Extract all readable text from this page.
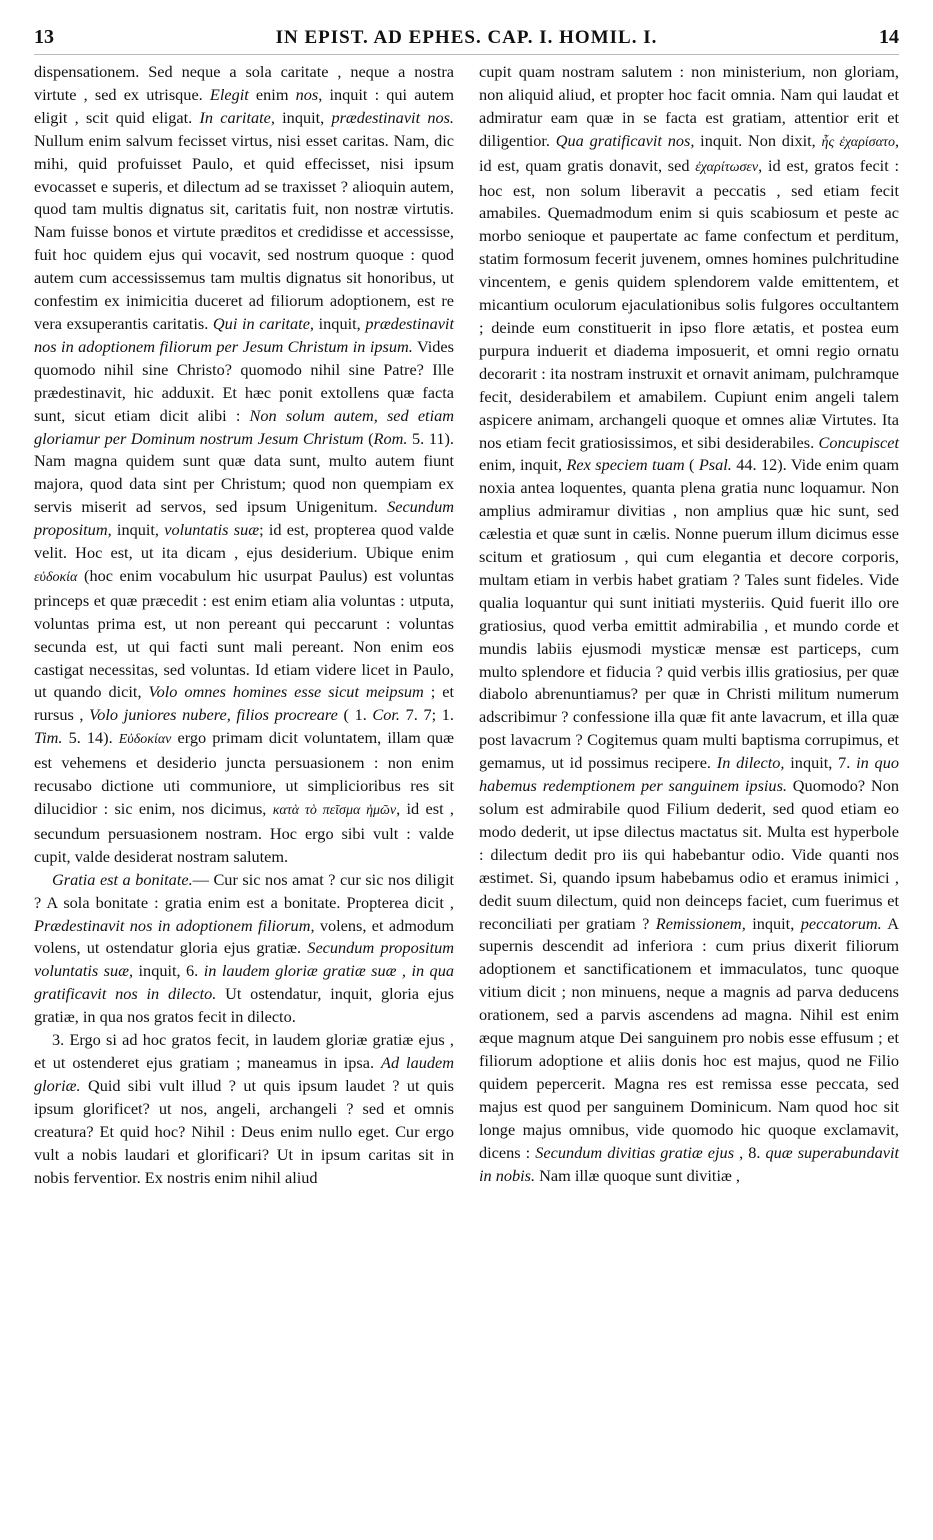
13	IN EPIST. AD EPHES. CAP. I. HOMIL. I.	14

dispensationem. Sed neque a sola caritate , neque a nostra virtute , sed ex utrisque. Elegit enim nos, inquit : qui autem eligit , scit quid eligat. In caritate, inquit, prædestinavit nos. Nullum enim salvum fecisset virtus, nisi esset caritas. Nam, dic mihi, quid profuisset Paulo, et quid effecisset, nisi ipsum evocasset e superis, et dilectum ad se traxisset ? alioquin autem, quod tam multis dignatus sit, caritatis fuit, non nostræ virtutis. Nam fuisse bonos et virtute præditos et credidisse et accessisse, fuit hoc quidem ejus qui vocavit, sed nostrum quoque : quod autem cum accessissemus tam multis dignatus sit honoribus, ut confestim ex inimicitia duceret ad filiorum adoptionem, est re vera exsuperantis caritatis. Qui in caritate, inquit, prædestinavit nos in adoptionem filiorum per Jesum Christum in ipsum. Vides quomodo nihil sine Christo? quomodo nihil sine Patre? Ille prædestinavit, hic adduxit. Et hæc ponit extollens quæ facta sunt, sicut etiam dicit alibi : Non solum autem, sed etiam gloriamur per Dominum nostrum Jesum Christum (Rom. 5. 11). Nam magna quidem sunt quæ data sunt, multo autem fiunt majora, quod data sint per Christum; quod non quempiam ex servis miserit ad servos, sed ipsum Unigenitum. Secundum propositum, inquit, voluntatis suæ; id est, propterea quod valde velit. Hoc est, ut ita dicam , ejus desiderium. Ubique enim εὐδοκία (hoc enim vocabulum hic usurpat Paulus) est voluntas princeps et quæ præcedit : est enim etiam alia voluntas : utputa, voluntas prima est, ut non pereant qui peccarunt : voluntas secunda est, ut qui facti sunt mali pereant. Non enim eos castigat necessitas, sed voluntas. Id etiam videre licet in Paulo, ut quando dicit, Volo omnes homines esse sicut meipsum ; et rursus , Volo juniores nubere, filios procreare ( 1. Cor. 7. 7; 1. Tim. 5. 14). Εὐδοκίαν ergo primam dicit voluntatem, illam quæ est vehemens et desiderio juncta persuasionem : non enim recusabo dictione uti communiore, ut simplicioribus res sit dilucidior : sic enim, nos dicimus, κατὰ τὸ πεῖσμα ἡμῶν, id est , secundum persuasionem nostram. Hoc ergo sibi vult : valde cupit, valde desiderat nostram salutem.

Gratia est a bonitate.— Cur sic nos amat ? cur sic nos diligit ? A sola bonitate : gratia enim est a bonitate. Propterea dicit , Prædestinavit nos in adoptionem filiorum, volens, et admodum volens, ut ostendatur gloria ejus gratiæ. Secundum propositum voluntatis suæ, inquit, 6. in laudem gloriæ gratiæ suæ , in qua gratificavit nos in dilecto. Ut ostendatur, inquit, gloria ejus gratiæ, in qua nos gratos fecit in dilecto.

3. Ergo si ad hoc gratos fecit, in laudem gloriæ gratiæ ejus , et ut ostenderet ejus gratiam ; maneamus in ipsa. Ad laudem gloriæ. Quid sibi vult illud ? ut quis ipsum laudet ? ut quis ipsum glorificet? ut nos, angeli, archangeli ? sed et omnis creatura? Et quid hoc? Nihil : Deus enim nullo eget. Cur ergo vult a nobis laudari et glorificari? Ut in ipsum caritas sit in nobis ferventior. Ex nostris enim nihil aliud

cupit quam nostram salutem : non ministerium, non gloriam, non aliquid aliud, et propter hoc facit omnia. Nam qui laudat et admiratur eam quæ in se facta est gratiam, attentior erit et diligentior. Qua gratificavit nos, inquit. Non dixit, ἧς ἐχαρίσατο, id est, quam gratis donavit, sed ἐχαρίτωσεν, id est, gratos fecit : hoc est, non solum liberavit a peccatis , sed etiam fecit amabiles. Quemadmodum enim si quis scabiosum et peste ac morbo senioque et paupertate ac fame confectum et perditum, statim formosum fecerit juvenem, omnes homines pulchritudine vincentem, e genis quidem splendorem valde emittentem, et micantium oculorum ejaculationibus solis fulgores occultantem ; deinde eum constituerit in ipso flore ætatis, et postea eum purpura induerit et diadema imposuerit, et omni regio ornatu decorarit : ita nostram instruxit et ornavit animam, pulchramque fecit, desiderabilem et amabilem. Cupiunt enim angeli talem aspicere animam, archangeli quoque et omnes aliæ Virtutes. Ita nos etiam fecit gratiosissimos, et sibi desiderabiles. Concupiscet enim, inquit, Rex speciem tuam ( Psal. 44. 12). Vide enim quam noxia antea loquentes, quanta plena gratia nunc loquamur. Non amplius admiramur divitias , non amplius quæ hic sunt, sed cælestia et quæ sunt in cælis. Nonne puerum illum dicimus esse scitum et gratiosum , qui cum elegantia et decore corporis, multam etiam in verbis habet gratiam ? Tales sunt fideles. Vide qualia loquantur qui sunt initiati mysteriis. Quid fuerit illo ore gratiosius, quod verba emittit admirabilia , et mundo corde et mundis labiis ejusmodi mysticæ mensæ est particeps, cum multo splendore et fiducia ? quid verbis illis gratiosius, per quæ diabolo abrenuntiamus? per quæ in Christi militum numerum adscribimur ? confessione illa quæ fit ante lavacrum, et illa quæ post lavacrum ? Cogitemus quam multi baptisma corrupimus, et gemamus, ut id possimus recipere. In dilecto, inquit, 7. in quo habemus redemptionem per sanguinem ipsius. Quomodo? Non solum est admirabile quod Filium dederit, sed quod etiam eo modo dederit, ut ipse dilectus mactatus sit. Multa est hyperbole : dilectum dedit pro iis qui habebantur odio. Vide quanti nos æstimet. Si, quando ipsum habebamus odio et eramus inimici , dedit suum dilectum, quid non deinceps faciet, cum fuerimus et reconciliati per gratiam ? Remissionem, inquit, peccatorum. A supernis descendit ad inferiora : cum prius dixerit filiorum adoptionem et sanctificationem et immaculatos, tunc quoque vitium dicit ; non minuens, neque a magnis ad parva deducens orationem, sed a parvis ascendens ad magna. Nihil est enim æque magnum atque Dei sanguinem pro nobis esse effusum ; et filiorum adoptione et aliis donis hoc est majus, quod ne Filio quidem pepercerit. Magna res est remissa esse peccata, sed majus est quod per sanguinem Dominicum. Nam quod hoc sit longe majus omnibus, vide quomodo hic quoque exclamavit, dicens : Secundum divitias gratiæ ejus , 8. quæ superabundavit in nobis. Nam illæ quoque sunt divitiæ ,
